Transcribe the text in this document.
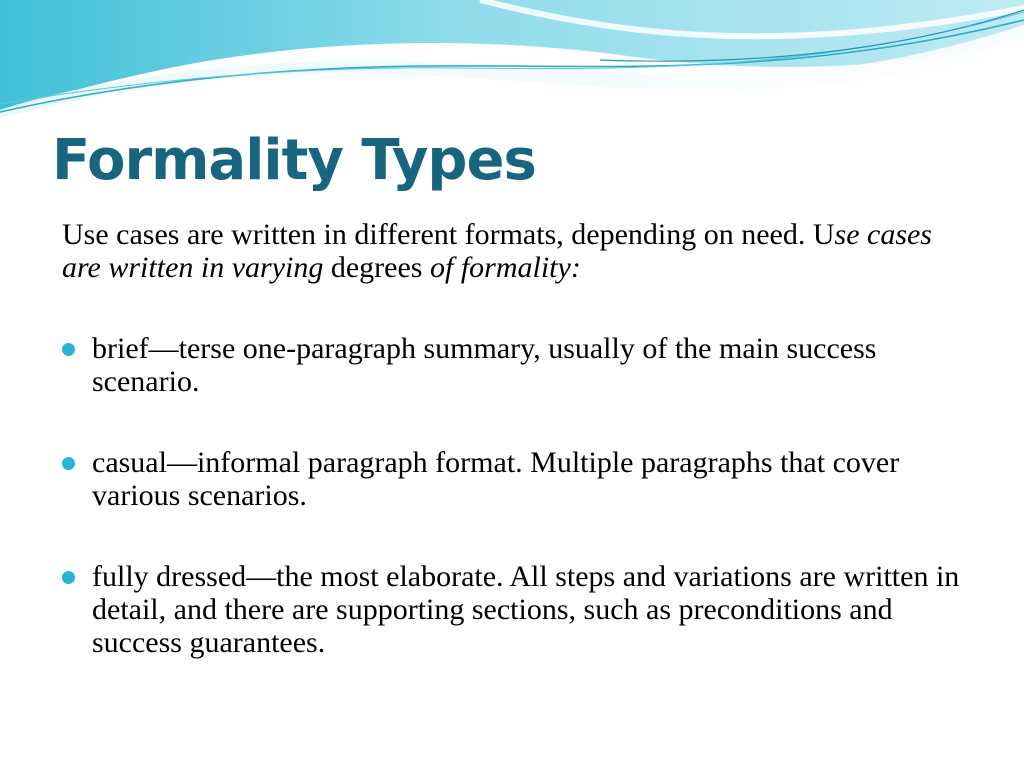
Formality Types

Use cases are written in different formats, depending on need. Use cases are written in varying degrees of formality:

brief—terse one-paragraph summary, usually of the main success scenario.
casual—informal paragraph format. Multiple paragraphs that cover various scenarios.
fully dressed—the most elaborate. All steps and variations are written in detail, and there are supporting sections, such as preconditions and success guarantees.
